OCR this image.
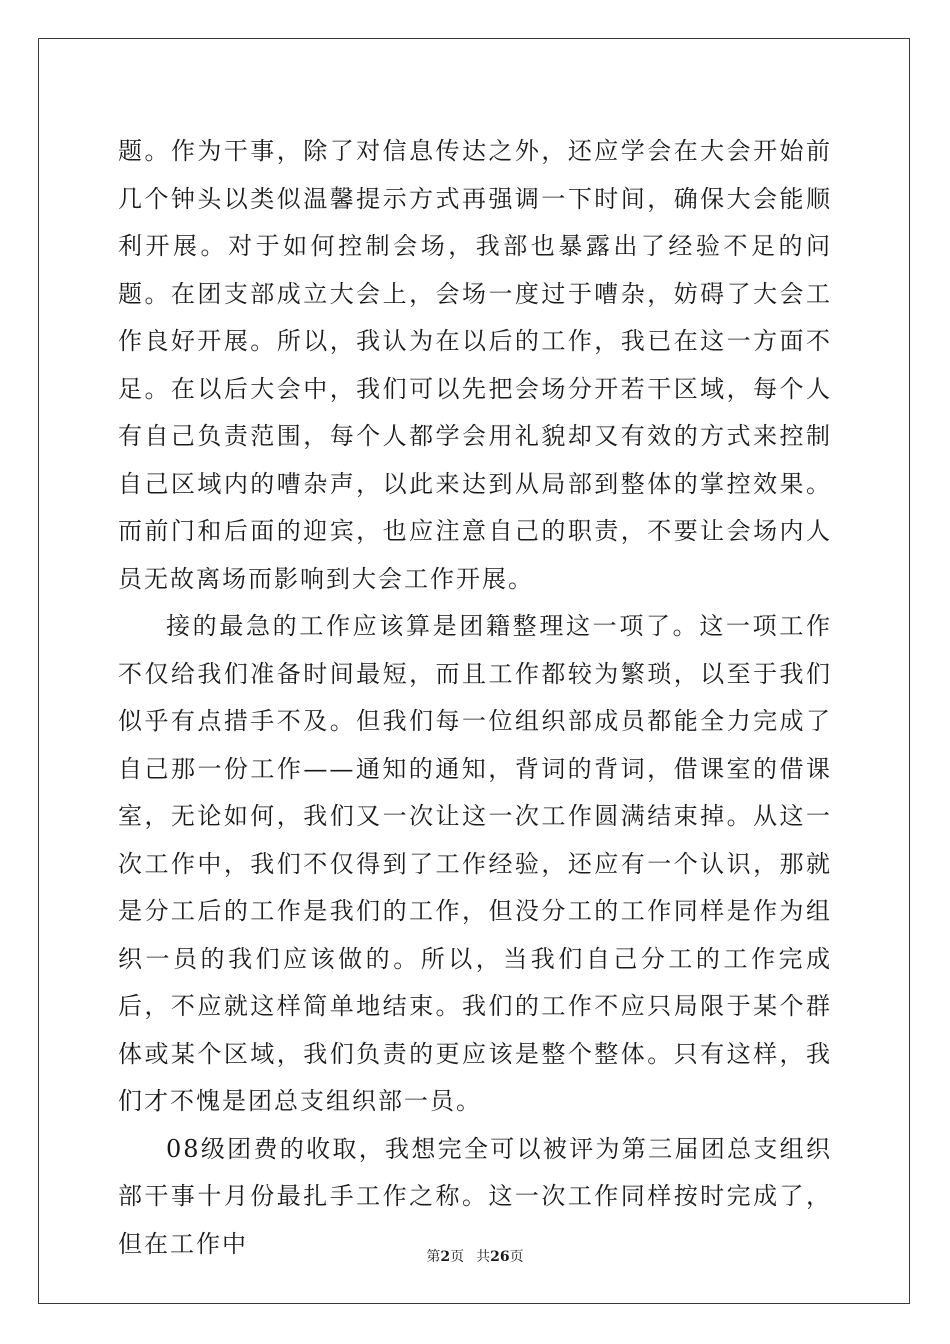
题。作为干事，除了对信息传达之外，还应学会在大会开始前几个钟头以类似温馨提示方式再强调一下时间，确保大会能顺利开展。对于如何控制会场，我部也暴露出了经验不足的问题。在团支部成立大会上，会场一度过于嘈杂，妨碍了大会工作良好开展。所以，我认为在以后的工作，我已在这一方面不足。在以后大会中，我们可以先把会场分开若干区域，每个人有自己负责范围，每个人都学会用礼貌却又有效的方式来控制自己区域内的嘈杂声，以此来达到从局部到整体的掌控效果。而前门和后面的迎宾，也应注意自己的职责，不要让会场内人员无故离场而影响到大会工作开展。

接的最急的工作应该算是团籍整理这一项了。这一项工作不仅给我们准备时间最短，而且工作都较为繁琐，以至于我们似乎有点措手不及。但我们每一位组织部成员都能全力完成了自己那一份工作——通知的通知，背词的背词，借课室的借课室，无论如何，我们又一次让这一次工作圆满结束掉。从这一次工作中，我们不仅得到了工作经验，还应有一个认识，那就是分工后的工作是我们的工作，但没分工的工作同样是作为组织一员的我们应该做的。所以，当我们自己分工的工作完成后，不应就这样简单地结束。我们的工作不应只局限于某个群体或某个区域，我们负责的更应该是整个整体。只有这样，我们才不愧是团总支组织部一员。

08级团费的收取，我想完全可以被评为第三届团总支组织部干事十月份最扎手工作之称。这一次工作同样按时完成了，但在工作中	第2页 共26页
